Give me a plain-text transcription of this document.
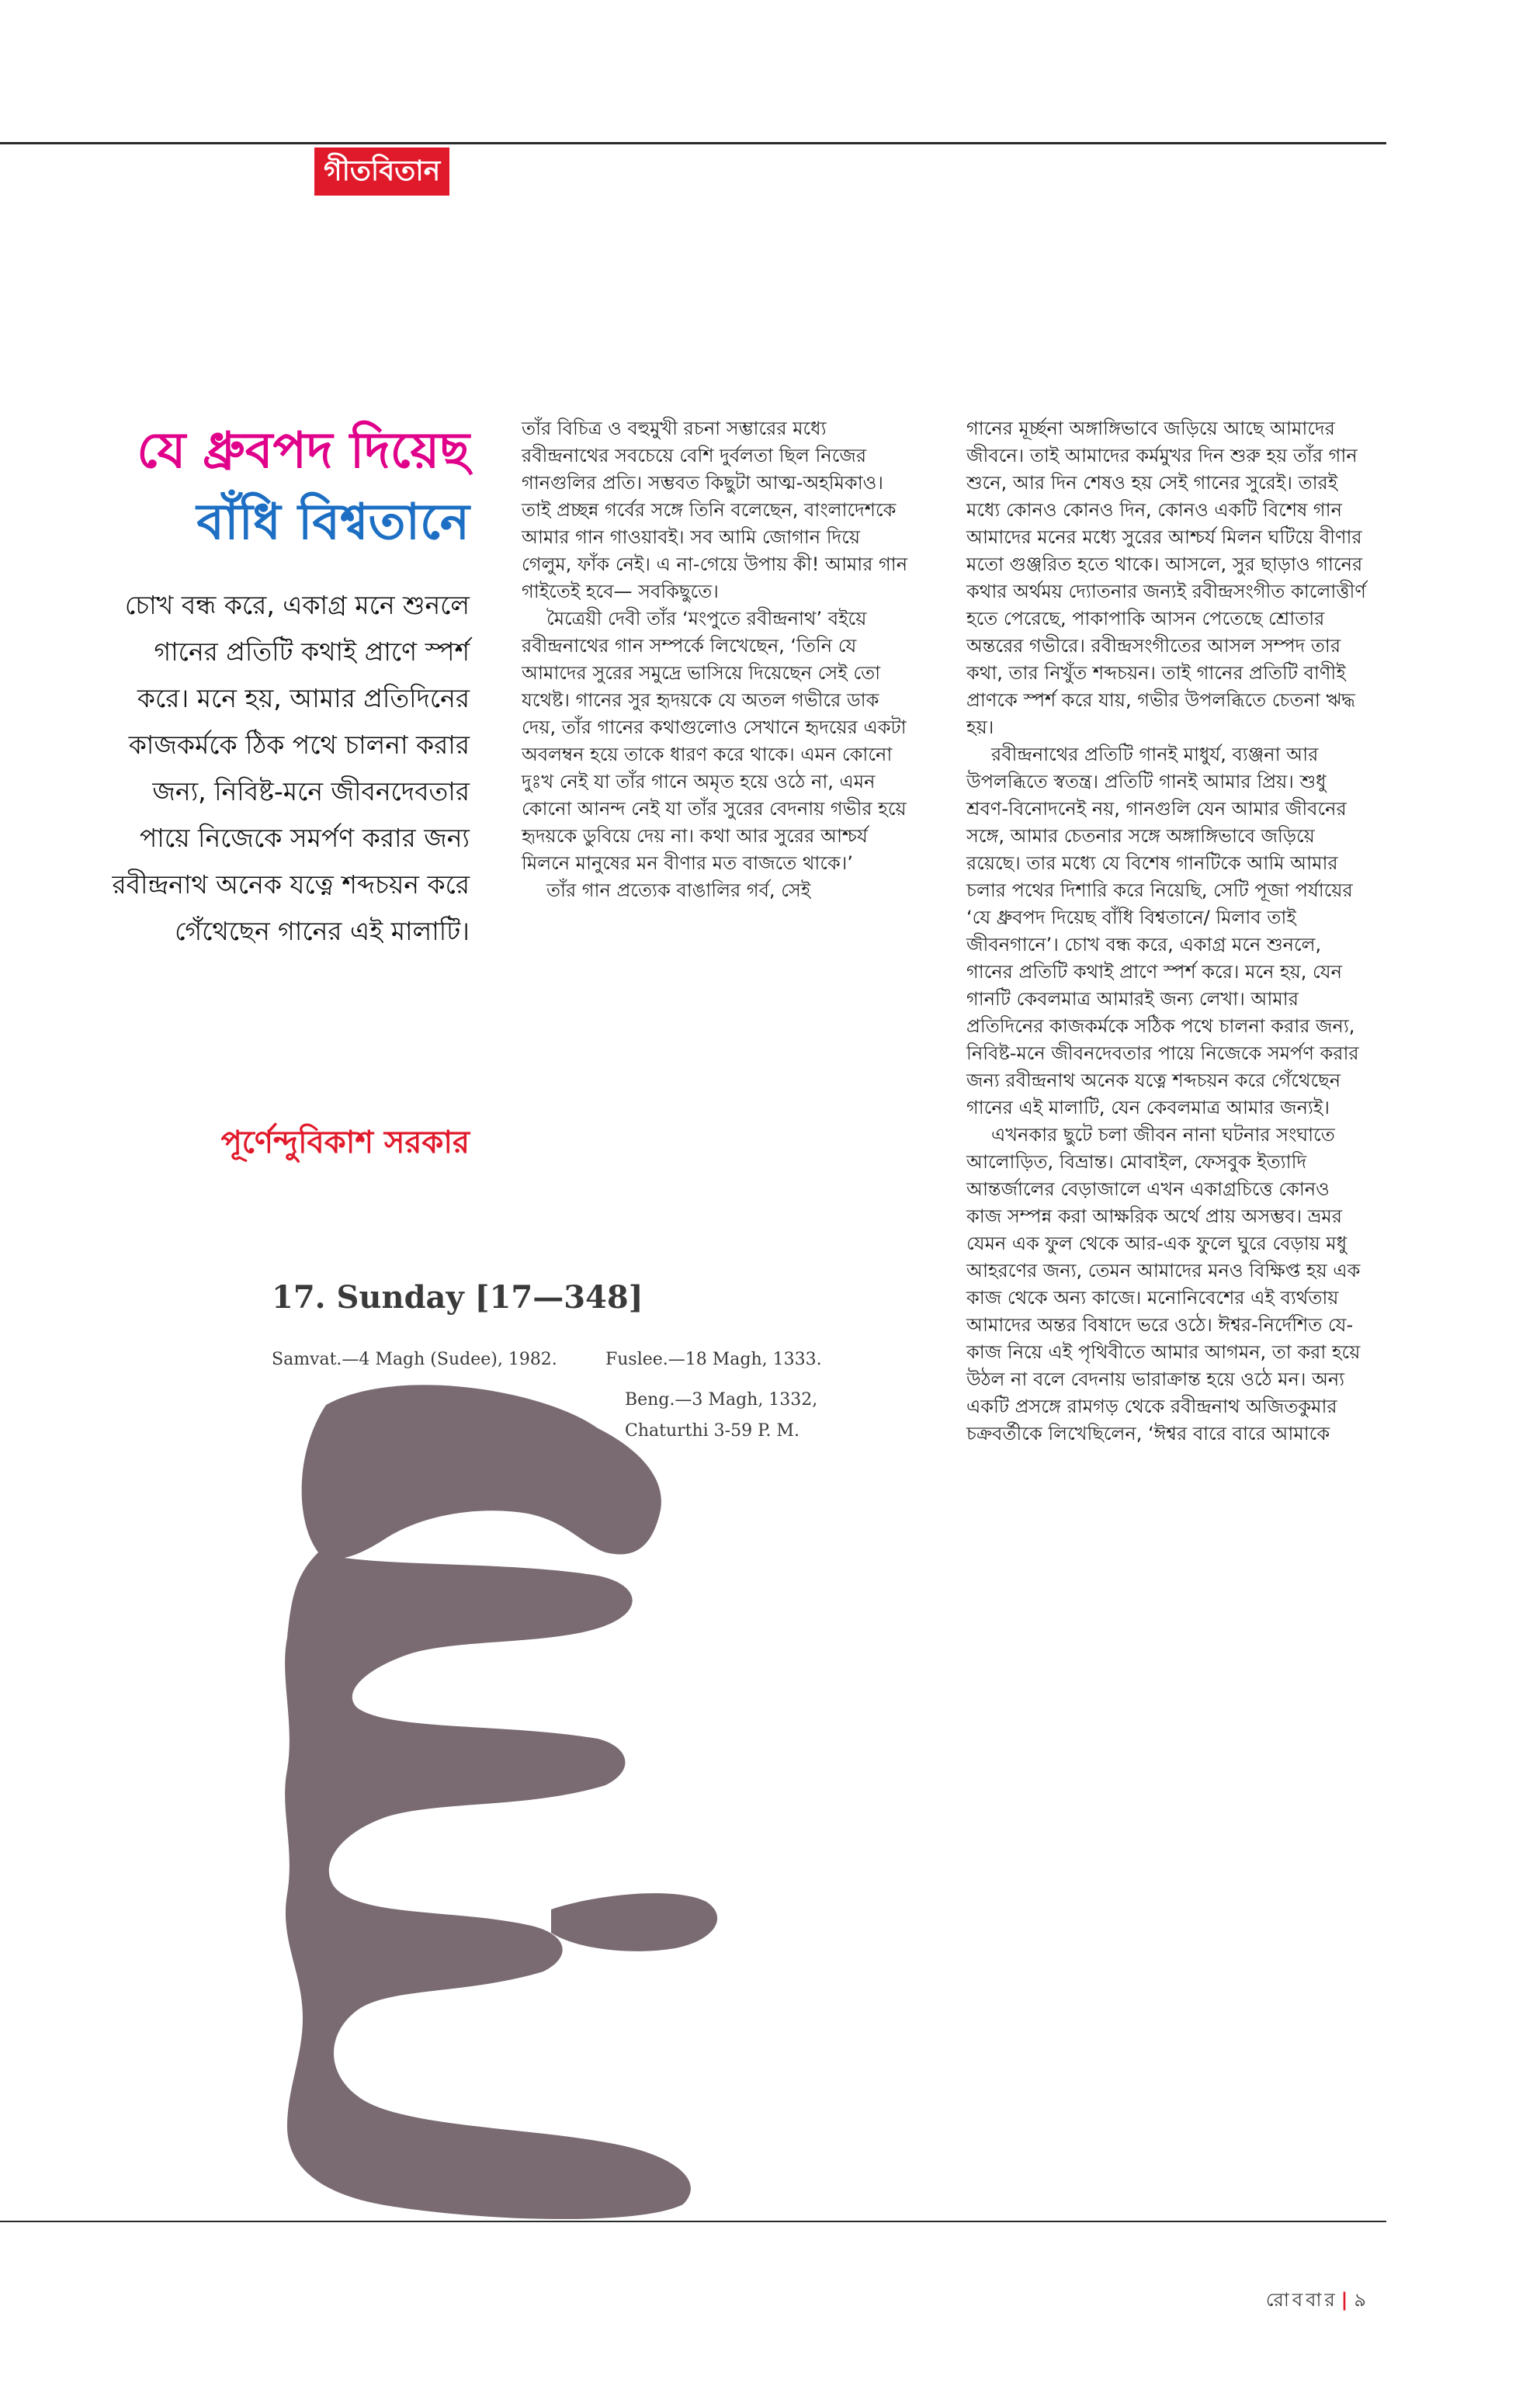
গীতবিতান
যে ধ্রুবপদ দিয়েছ
বাঁধি বিশ্বতানে
চোখ বন্ধ করে, একাগ্র মনে শুনলে গানের প্রতিটি কথাই প্রাণে স্পর্শ করে। মনে হয়, আমার প্রতিদিনের কাজকর্মকে ঠিক পথে চালনা করার জন্য, নিবিষ্ট-মনে জীবনদেবতার পায়ে নিজেকে সমর্পণ করার জন্য রবীন্দ্রনাথ অনেক যত্নে শব্দচয়ন করে গেঁথেছেন গানের এই মালাটি।
পূর্ণেন্দুবিকাশ সরকার

তাঁর বিচিত্র ও বহুমুখী রচনা সম্ভারের মধ্যে রবীন্দ্রনাথের সবচেয়ে বেশি দুর্বলতা ছিল নিজের গানগুলির প্রতি। সম্ভবত কিছুটা আত্ম-অহমিকাও। তাই প্রচ্ছন্ন গর্বের সঙ্গে তিনি বলেছেন, বাংলাদেশকে আমার গান গাওয়াবই। সব আমি জোগান দিয়ে গেলুম, ফাঁক নেই। এ না-গেয়ে উপায় কী! আমার গান গাইতেই হবে— সবকিছুতে।

মৈত্রেয়ী দেবী তাঁর ‘মংপুতে রবীন্দ্রনাথ’ বইয়ে রবীন্দ্রনাথের গান সম্পর্কে লিখেছেন, ‘তিনি যে আমাদের সুরের সমুদ্রে ভাসিয়ে দিয়েছেন সেই তো যথেষ্ট। গানের সুর হৃদয়কে যে অতল গভীরে ডাক দেয়, তাঁর গানের কথাগুলোও সেখানে হৃদয়ের একটা অবলম্বন হয়ে তাকে ধারণ করে থাকে। এমন কোনো দুঃখ নেই যা তাঁর গানে অমৃত হয়ে ওঠে না, এমন কোনো আনন্দ নেই যা তাঁর সুরের বেদনায় গভীর হয়ে হৃদয়কে ডুবিয়ে দেয় না। কথা আর সুরের আশ্চর্য মিলনে মানুষের মন বীণার মত বাজতে থাকে।’

তাঁর গান প্রত্যেক বাঙালির গর্ব, সেই

গানের মূর্চ্ছনা অঙ্গাঙ্গিভাবে জড়িয়ে আছে আমাদের জীবনে। তাই আমাদের কর্মমুখর দিন শুরু হয় তাঁর গান শুনে, আর দিন শেষও হয় সেই গানের সুরেই। তারই মধ্যে কোনও কোনও দিন, কোনও একটি বিশেষ গান আমাদের মনের মধ্যে সুরের আশ্চর্য মিলন ঘটিয়ে বীণার মতো গুঞ্জরিত হতে থাকে। আসলে, সুর ছাড়াও গানের কথার অর্থময় দ্যোতনার জন্যই রবীন্দ্রসংগীত কালোত্তীর্ণ হতে পেরেছে, পাকাপাকি আসন পেতেছে শ্রোতার অন্তরের গভীরে। রবীন্দ্রসংগীতের আসল সম্পদ তার কথা, তার নিখুঁত শব্দচয়ন। তাই গানের প্রতিটি বাণীই প্রাণকে স্পর্শ করে যায়, গভীর উপলব্ধিতে চেতনা ঋদ্ধ হয়।

রবীন্দ্রনাথের প্রতিটি গানই মাধুর্য, ব্যঞ্জনা আর উপলব্ধিতে স্বতন্ত্র। প্রতিটি গানই আমার প্রিয়। শুধু শ্রবণ-বিনোদনেই নয়, গানগুলি যেন আমার জীবনের সঙ্গে, আমার চেতনার সঙ্গে অঙ্গাঙ্গিভাবে জড়িয়ে রয়েছে। তার মধ্যে যে বিশেষ গানটিকে আমি আমার চলার পথের দিশারি করে নিয়েছি, সেটি পূজা পর্যায়ের ‘যে ধ্রুবপদ দিয়েছ বাঁধি বিশ্বতানে/ মিলাব তাই জীবনগানে’। চোখ বন্ধ করে, একাগ্র মনে শুনলে, গানের প্রতিটি কথাই প্রাণে স্পর্শ করে। মনে হয়, যেন গানটি কেবলমাত্র আমারই জন্য লেখা। আমার প্রতিদিনের কাজকর্মকে সঠিক পথে চালনা করার জন্য, নিবিষ্ট-মনে জীবনদেবতার পায়ে নিজেকে সমর্পণ করার জন্য রবীন্দ্রনাথ অনেক যত্নে শব্দচয়ন করে গেঁথেছেন গানের এই মালাটি, যেন কেবলমাত্র আমার জন্যই।

এখনকার ছুটে চলা জীবন নানা ঘটনার সংঘাতে আলোড়িত, বিভ্রান্ত। মোবাইল, ফেসবুক ইত্যাদি আন্তর্জালের বেড়াজালে এখন একাগ্রচিত্তে কোনও কাজ সম্পন্ন করা আক্ষরিক অর্থে প্রায় অসম্ভব। ভ্রমর যেমন এক ফুল থেকে আর-এক ফুলে ঘুরে বেড়ায় মধু আহরণের জন্য, তেমন আমাদের মনও বিক্ষিপ্ত হয় এক কাজ থেকে অন্য কাজে। মনোনিবেশের এই ব্যর্থতায় আমাদের অন্তর বিষাদে ভরে ওঠে। ঈশ্বর-নির্দেশিত যে-কাজ নিয়ে এই পৃথিবীতে আমার আগমন, তা করা হয়ে উঠল না বলে বেদনায় ভারাক্রান্ত হয়ে ওঠে মন। অন্য একটি প্রসঙ্গে রামগড় থেকে রবীন্দ্রনাথ অজিতকুমার চক্রবর্তীকে লিখেছিলেন, ‘ঈশ্বর বারে বারে আমাকে

17. Sunday [17—348]
Samvat.—4 Magh (Sudee), 1982.	Fuslee.—18 Magh, 1333.
Beng.—3 Magh, 1332,
Chaturthi 3-59 P. M.
রোববার | ৯
